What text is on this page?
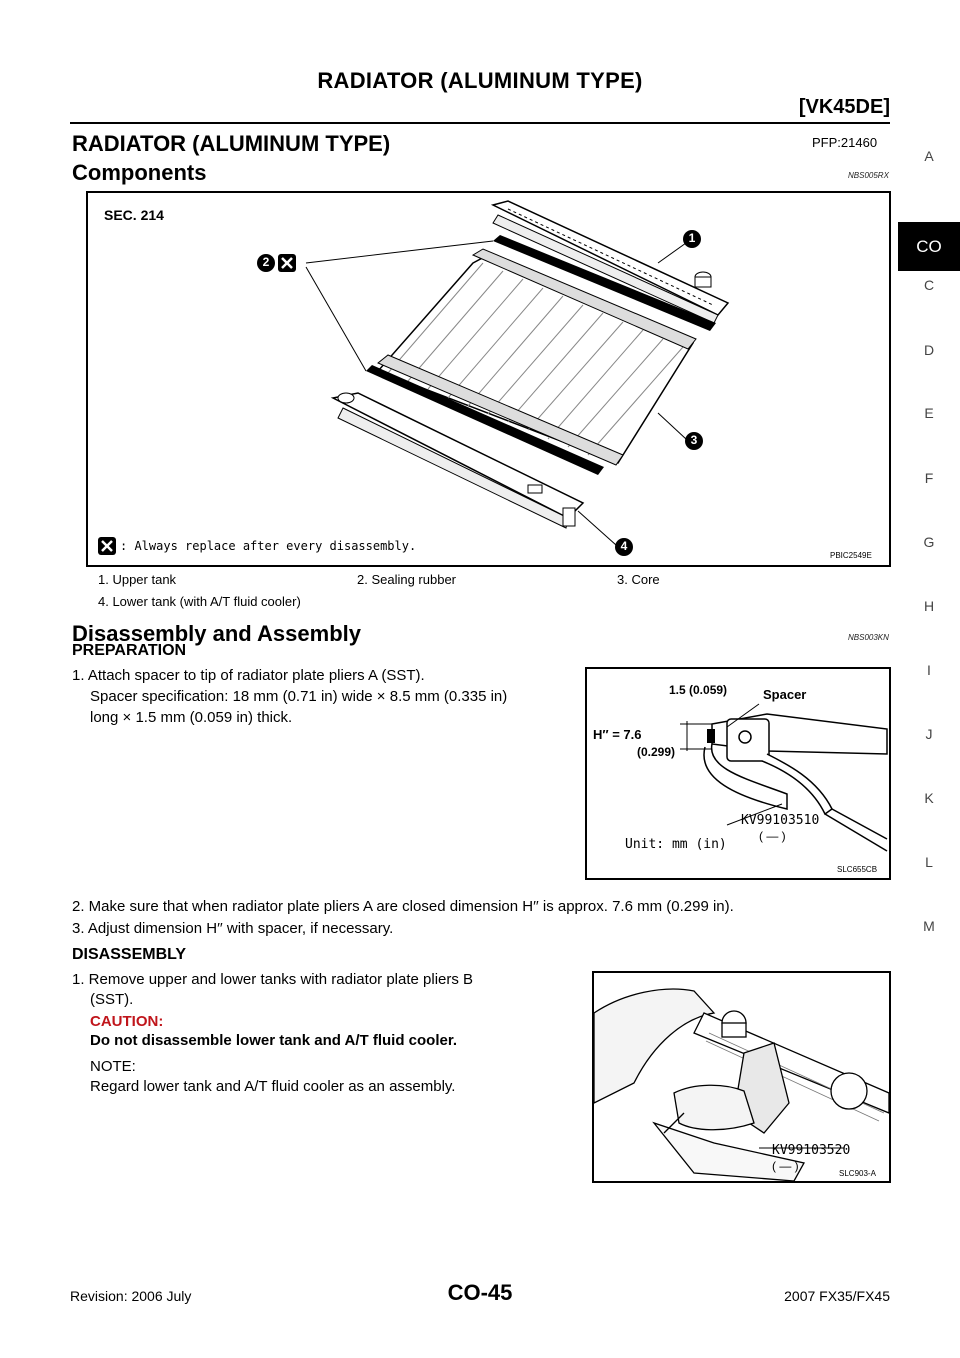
RADIATOR (ALUMINUM TYPE)
[VK45DE]
RADIATOR (ALUMINUM TYPE)	PFP:21460
Components	NBS005RX
SEC. 214
1
2
3
4
: Always replace after every disassembly.
PBIC2549E
1. Upper tank	2. Sealing rubber	3. Core
4. Lower tank (with A/T fluid cooler)
Disassembly and Assembly	NBS003KN
PREPARATION
1. Attach spacer to tip of radiator plate pliers A (SST).
Spacer specification: 18 mm (0.71 in) wide × 8.5 mm (0.335 in)
long × 1.5 mm (0.059 in) thick.
1.5 (0.059)	Spacer
H″ = 7.6
(0.299)
KV99103510
( — )
Unit: mm (in)
SLC655CB
2. Make sure that when radiator plate pliers A are closed dimension H′′ is approx. 7.6 mm (0.299 in).
3. Adjust dimension H′′ with spacer, if necessary.
DISASSEMBLY
1. Remove upper and lower tanks with radiator plate pliers B
(SST).
CAUTION:
Do not disassemble lower tank and A/T fluid cooler.
NOTE:
Regard lower tank and A/T fluid cooler as an assembly.
KV99103520
( — )
SLC903-A
A
C
D
E
F
G
H
I
J
K
L
M
CO
Revision: 2006 July	CO-45	2007 FX35/FX45
